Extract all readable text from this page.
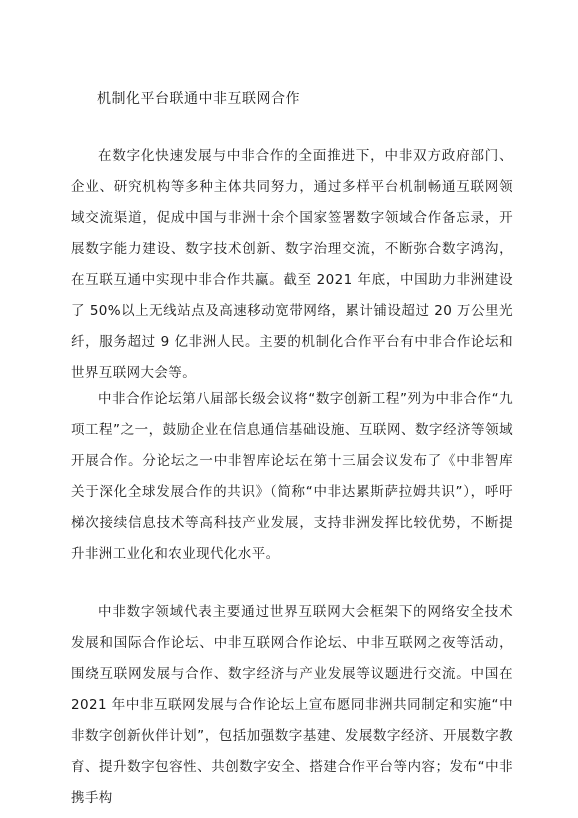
机制化平台联通中非互联网合作

在数字化快速发展与中非合作的全面推进下，中非双方政府部门、企业、研究机构等多种主体共同努力，通过多样平台机制畅通互联网领域交流渠道，促成中国与非洲十余个国家签署数字领域合作备忘录，开展数字能力建设、数字技术创新、数字治理交流，不断弥合数字鸿沟，在互联互通中实现中非合作共赢。截至 2021 年底，中国助力非洲建设了 50%以上无线站点及高速移动宽带网络，累计铺设超过 20 万公里光纤，服务超过 9 亿非洲人民。主要的机制化合作平台有中非合作论坛和世界互联网大会等。

中非合作论坛第八届部长级会议将“数字创新工程”列为中非合作“九项工程”之一，鼓励企业在信息通信基础设施、互联网、数字经济等领域开展合作。分论坛之一中非智库论坛在第十三届会议发布了《中非智库关于深化全球发展合作的共识》（简称“中非达累斯萨拉姆共识”），呼吁梯次接续信息技术等高科技产业发展，支持非洲发挥比较优势，不断提升非洲工业化和农业现代化水平。

中非数字领域代表主要通过世界互联网大会框架下的网络安全技术发展和国际合作论坛、中非互联网合作论坛、中非互联网之夜等活动，围绕互联网发展与合作、数字经济与产业发展等议题进行交流。中国在 2021 年中非互联网发展与合作论坛上宣布愿同非洲共同制定和实施“中非数字创新伙伴计划”，包括加强数字基建、发展数字经济、开展数字教育、提升数字包容性、共创数字安全、搭建合作平台等内容；发布“中非携手构
